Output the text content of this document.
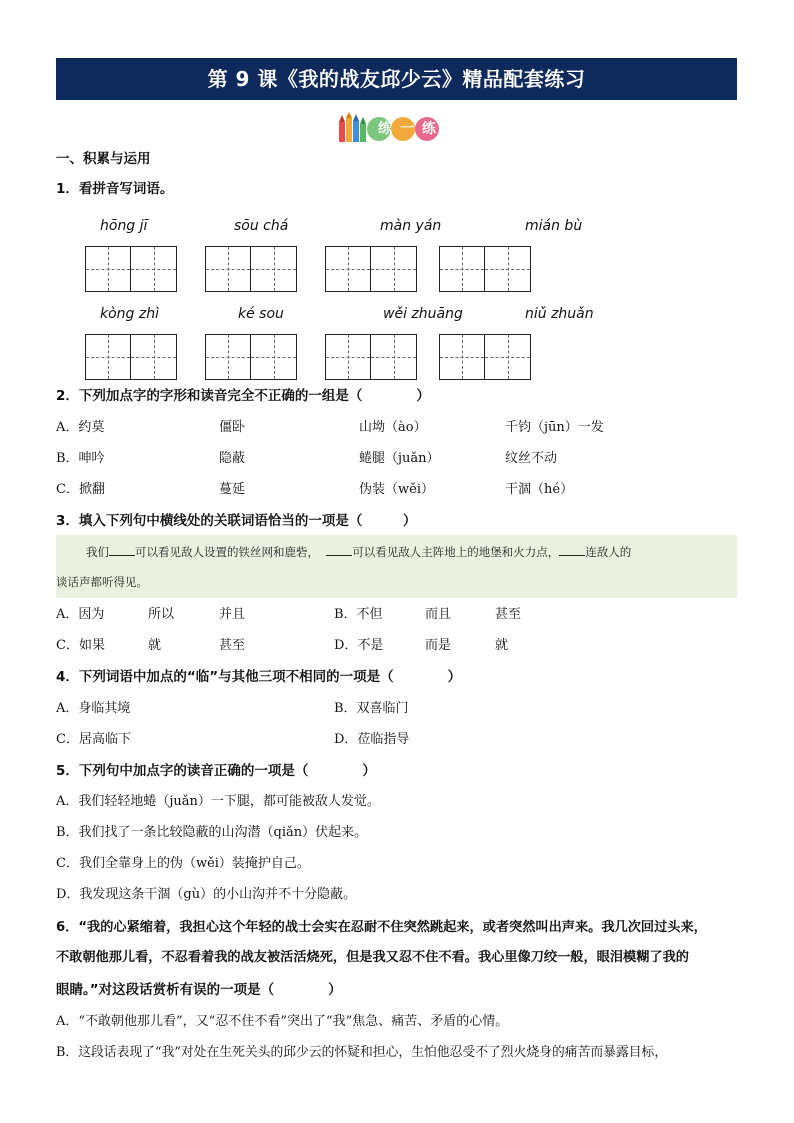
第 9 课《我的战友邱少云》精品配套练习
练一练
一、积累与运用
1．看拼音写词语。
hōng jī	sōu chá	màn yán	mián bù
kòng zhì	ké sou	wěi zhuāng	niǔ zhuǎn
2．下列加点字的字形和读音完全不正确的一组是（　　　　）
A．约莫	僵卧	山坳（ào）	千钧（jūn）一发
B．呻吟	隐蔽	蜷腿（juǎn）	纹丝不动
C．掀翻	蔓延	伪装（wěi）	干涸（hé）
3．填入下列句中横线处的关联词语恰当的一项是（　　　）
我们 可以看见敌人设置的铁丝网和鹿砦，	可以看见敌人主阵地上的地堡和火力点， 连敌人的
谈话声都听得见。
A．因为	所以	并且	B．不但	而且	甚至
C．如果	就	甚至	D．不是	而是	就
4．下列词语中加点的“临”与其他三项不相同的一项是（　　　　）
A．身临其境	B．双喜临门
C．居高临下	D．莅临指导
5．下列句中加点字的读音正确的一项是（　　　　）
A．我们轻轻地蜷（juǎn）一下腿，都可能被敌人发觉。
B．我们找了一条比较隐蔽的山沟潜（qiǎn）伏起来。
C．我们全靠身上的伪（wěi）装掩护自己。
D．我发现这条干涸（gù）的小山沟并不十分隐蔽。
6．“我的心紧缩着，我担心这个年轻的战士会实在忍耐不住突然跳起来，或者突然叫出声来。我几次回过头来，
不敢朝他那儿看，不忍看着我的战友被活活烧死，但是我又忍不住不看。我心里像刀绞一般，眼泪模糊了我的
眼睛。”对这段话赏析有误的一项是（　　　　）
A．“不敢朝他那儿看”，又“忍不住不看”突出了“我”焦急、痛苦、矛盾的心情。
B．这段话表现了“我”对处在生死关头的邱少云的怀疑和担心，生怕他忍受不了烈火烧身的痛苦而暴露目标，
